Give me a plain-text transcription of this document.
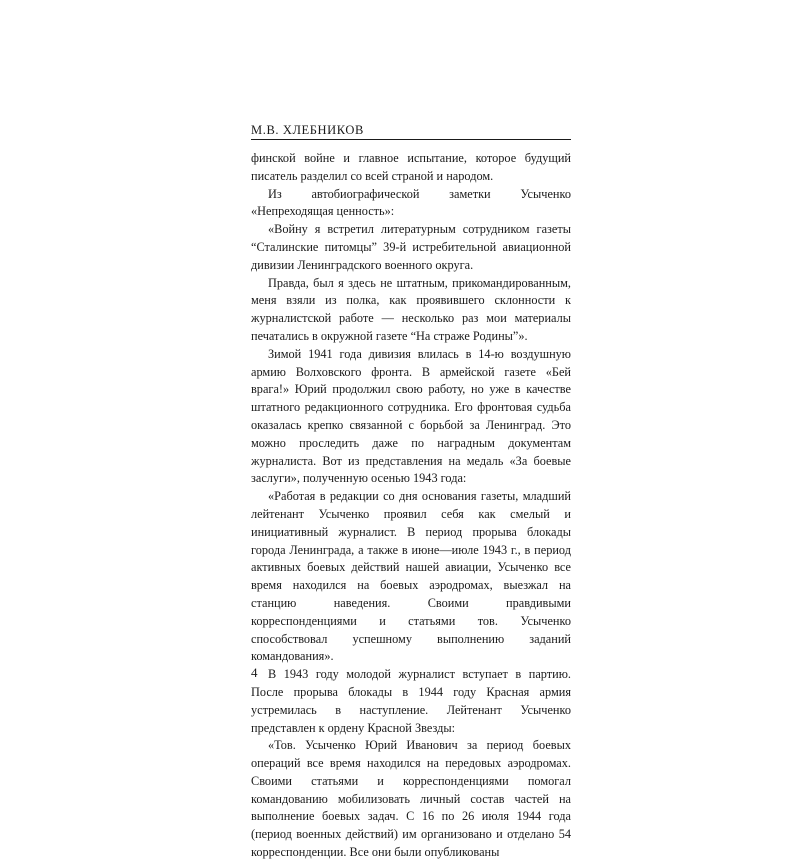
М.В. ХЛЕБНИКОВ

финской войне и главное испытание, которое будущий писатель разделил со всей страной и народом.

Из автобиографической заметки Усыченко «Непреходящая ценность»:

«Войну я встретил литературным сотрудником газеты “Сталинские питомцы” 39-й истребительной авиационной дивизии Ленинградского военного округа.

Правда, был я здесь не штатным, прикомандированным, меня взяли из полка, как проявившего склонности к журналистской работе — несколько раз мои материалы печатались в окружной газете “На страже Родины”».

Зимой 1941 года дивизия влилась в 14-ю воздушную армию Волховского фронта. В армейской газете «Бей врага!» Юрий продолжил свою работу, но уже в качестве штатного редакционного сотрудника. Его фронтовая судьба оказалась крепко связанной с борьбой за Ленинград. Это можно проследить даже по наградным документам журналиста. Вот из представления на медаль «За боевые заслуги», полученную осенью 1943 года:

«Работая в редакции со дня основания газеты, младший лейтенант Усыченко проявил себя как смелый и инициативный журналист. В период прорыва блокады города Ленинграда, а также в июне—июле 1943 г., в период активных боевых действий нашей авиации, Усыченко все время находился на боевых аэродромах, выезжал на станцию наведения. Своими правдивыми корреспонденциями и статьями тов. Усыченко способствовал успешному выполнению заданий командования».

В 1943 году молодой журналист вступает в партию. После прорыва блокады в 1944 году Красная армия устремилась в наступление. Лейтенант Усыченко представлен к ордену Красной Звезды:

«Тов. Усыченко Юрий Иванович за период боевых операций все время находился на передовых аэродромах. Своими статьями и корреспонденциями помогал командованию мобилизовать личный состав частей на выполнение боевых задач. С 16 по 26 июля 1944 года (период военных действий) им организовано и отделано 54 корреспонденции. Все они были опубликованы

4
